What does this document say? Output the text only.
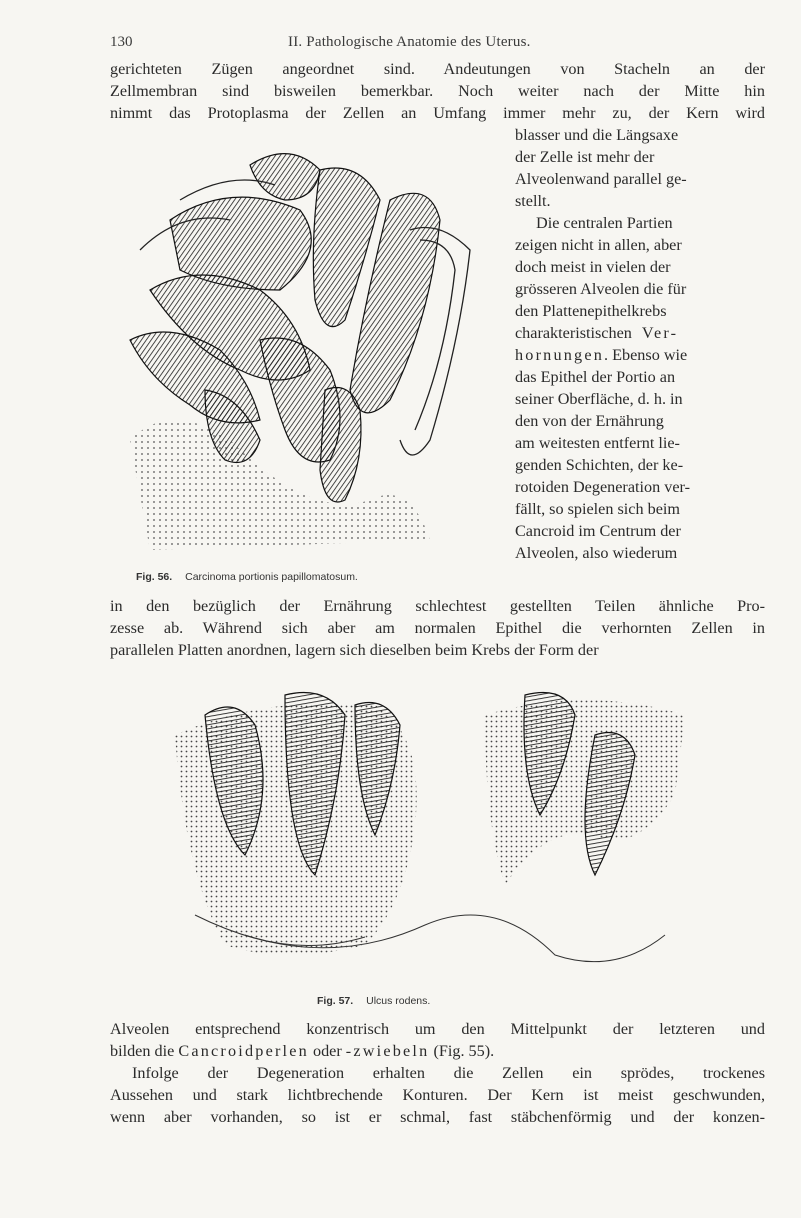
130	II. Pathologische Anatomie des Uterus.
gerichteten Zügen angeordnet sind. Andeutungen von Stacheln an der
Zellmembran sind bisweilen bemerkbar. Noch weiter nach der Mitte hin
nimmt das Protoplasma der Zellen an Umfang immer mehr zu, der Kern wird
blasser und die Längsaxe
der Zelle ist mehr der
Alveolenwand parallel ge-
stellt.
Die centralen Partien
zeigen nicht in allen, aber
doch meist in vielen der
grösseren Alveolen die für
den Plattenepithelkrebs
charakteristischen Ver-
hornungen. Ebenso wie
das Epithel der Portio an
seiner Oberfläche, d. h. in
den von der Ernährung
am weitesten entfernt lie-
genden Schichten, der ke-
rotoiden Degeneration ver-
fällt, so spielen sich beim
Cancroid im Centrum der
Alveolen, also wiederum
Fig. 56. Carcinoma portionis papillomatosum.
in den bezüglich der Ernährung schlechtest gestellten Teilen ähnliche Pro-
zesse ab. Während sich aber am normalen Epithel die verhornten Zellen in
parallelen Platten anordnen, lagern sich dieselben beim Krebs der Form der
Fig. 57. Ulcus rodens.
Alveolen entsprechend konzentrisch um den Mittelpunkt der letzteren und
bilden die Cancroidperlen oder -zwiebeln (Fig. 55).
Infolge der Degeneration erhalten die Zellen ein sprödes, trockenes
Aussehen und stark lichtbrechende Konturen. Der Kern ist meist geschwunden,
wenn aber vorhanden, so ist er schmal, fast stäbchenförmig und der konzen-
